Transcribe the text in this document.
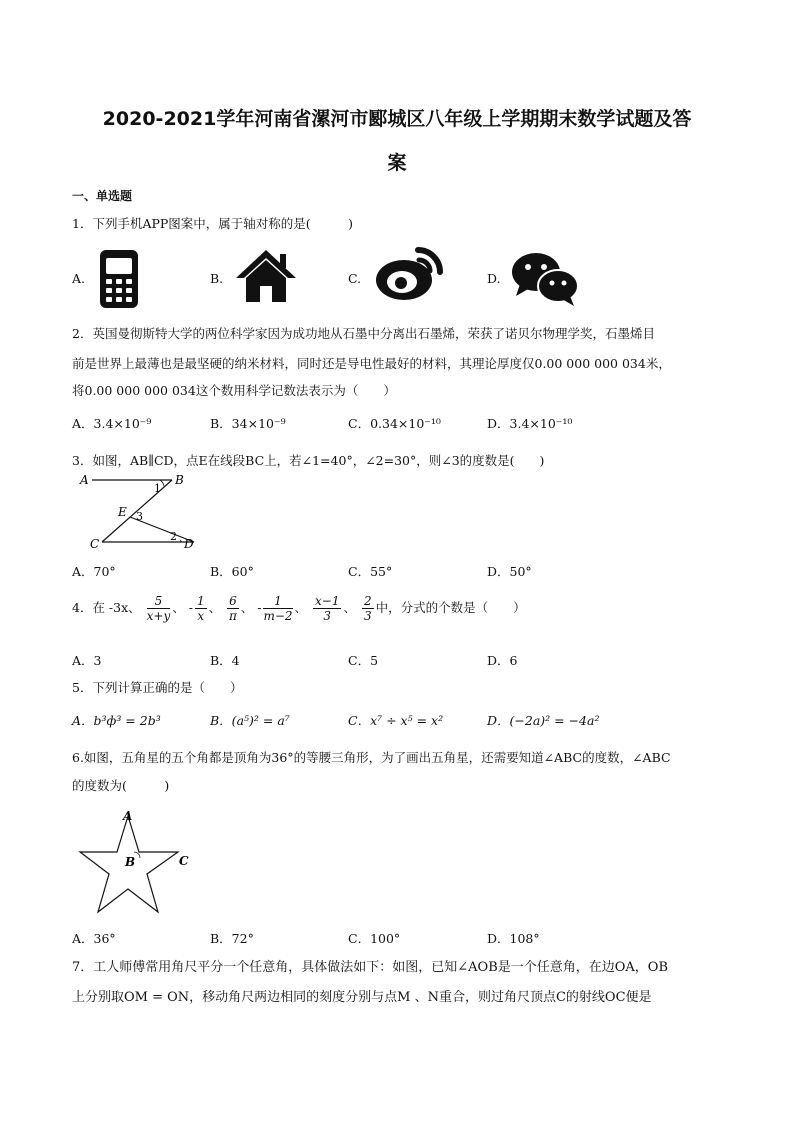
2020-2021学年河南省漯河市郾城区八年级上学期期末数学试题及答
案
一、单选题
1．下列手机APP图案中，属于轴对称的是(　　　)
A.	B.	C.	D.
2．英国曼彻斯特大学的两位科学家因为成功地从石墨中分离出石墨烯，荣获了诺贝尔物理学奖，石墨烯目
前是世界上最薄也是最坚硬的纳米材料，同时还是导电性最好的材料，其理论厚度仅0.00 000 000 034米，
将0.00 000 000 034这个数用科学记数法表示为（　　）
A．3.4×10⁻⁹	B．34×10⁻⁹	C．0.34×10⁻¹⁰	D．3.4×10⁻¹⁰
3．如图，AB∥CD，点E在线段BC上，若∠1=40°，∠2=30°，则∠3的度数是(　　)
A	B
1
E 3
C
2
D
A．70°	B．60°	C．55°	D．50°
4．在 -3x、 $\frac{5}{x+y}$ 、 - $\frac{1}{x}$ 、 $\frac{6}{\pi}$ 、 - $\frac{1}{m-2}$ 、 $\frac{x-1}{3}$ 、 $\frac{2}{3}$ 中，分式的个数是（　　）
A．3	B．4	C．5	D．6
5．下列计算正确的是（　　）
A．b³ф³ = 2b³	B．(a⁵)² = a⁷	C．x⁷ ÷ x⁵ = x²	D．(−2a)² = −4a²
6.如图，五角星的五个角都是顶角为36°的等腰三角形，为了画出五角星，还需要知道∠ABC的度数，∠ABC
的度数为(　　　)
A
B	C
A．36°	B．72°	C．100°	D．108°
7．工人师傅常用角尺平分一个任意角，具体做法如下：如图，已知∠AOB是一个任意角，在边OA，OB
上分别取OM = ON，移动角尺两边相同的刻度分别与点M 、N重合，则过角尺顶点C的射线OC便是
